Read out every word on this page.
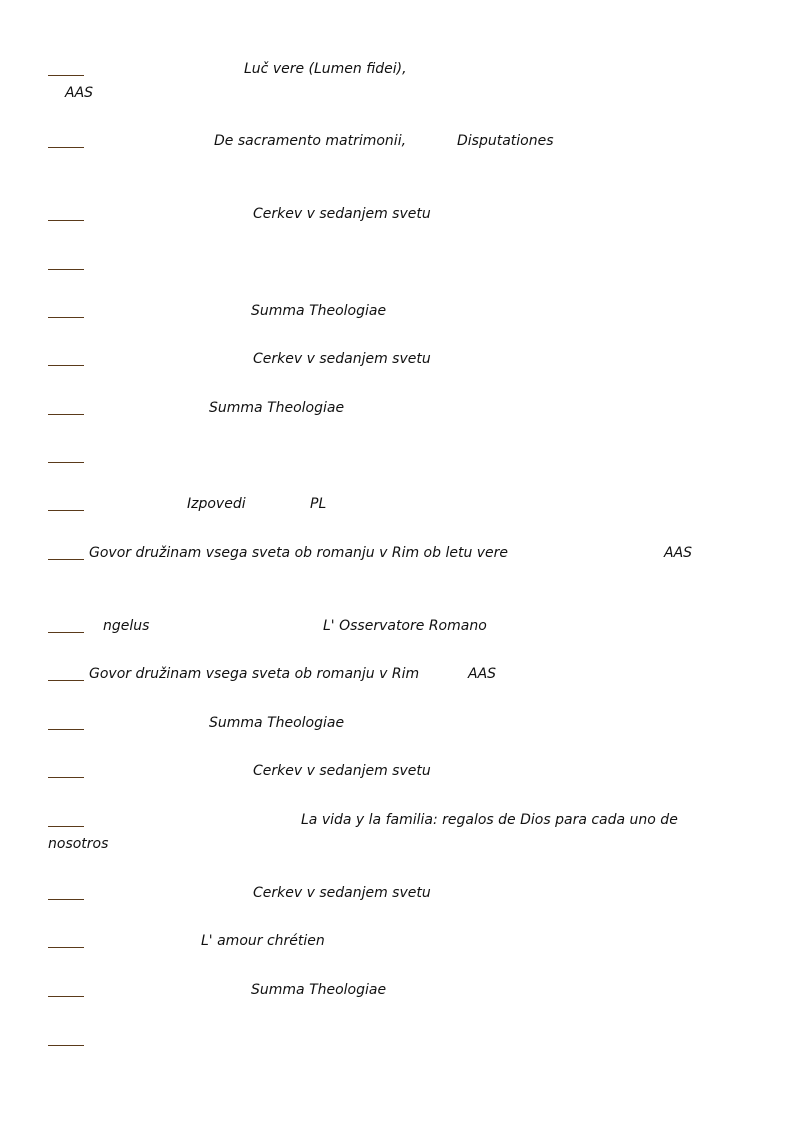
Luč vere (Lumen fidei),
AAS
De sacramento matrimonii,	Disputationes
Cerkev v sedanjem svetu
Summa Theologiae
Cerkev v sedanjem svetu
Summa Theologiae
Izpovedi	PL
Govor družinam vsega sveta ob romanju v Rim ob letu vere	AAS
ngelus	L' Osservatore Romano
Govor družinam vsega sveta ob romanju v Rim	AAS
Summa Theologiae
Cerkev v sedanjem svetu
La vida y la familia: regalos de Dios para cada uno de
nosotros
Cerkev v sedanjem svetu
L' amour chrétien
Summa Theologiae
